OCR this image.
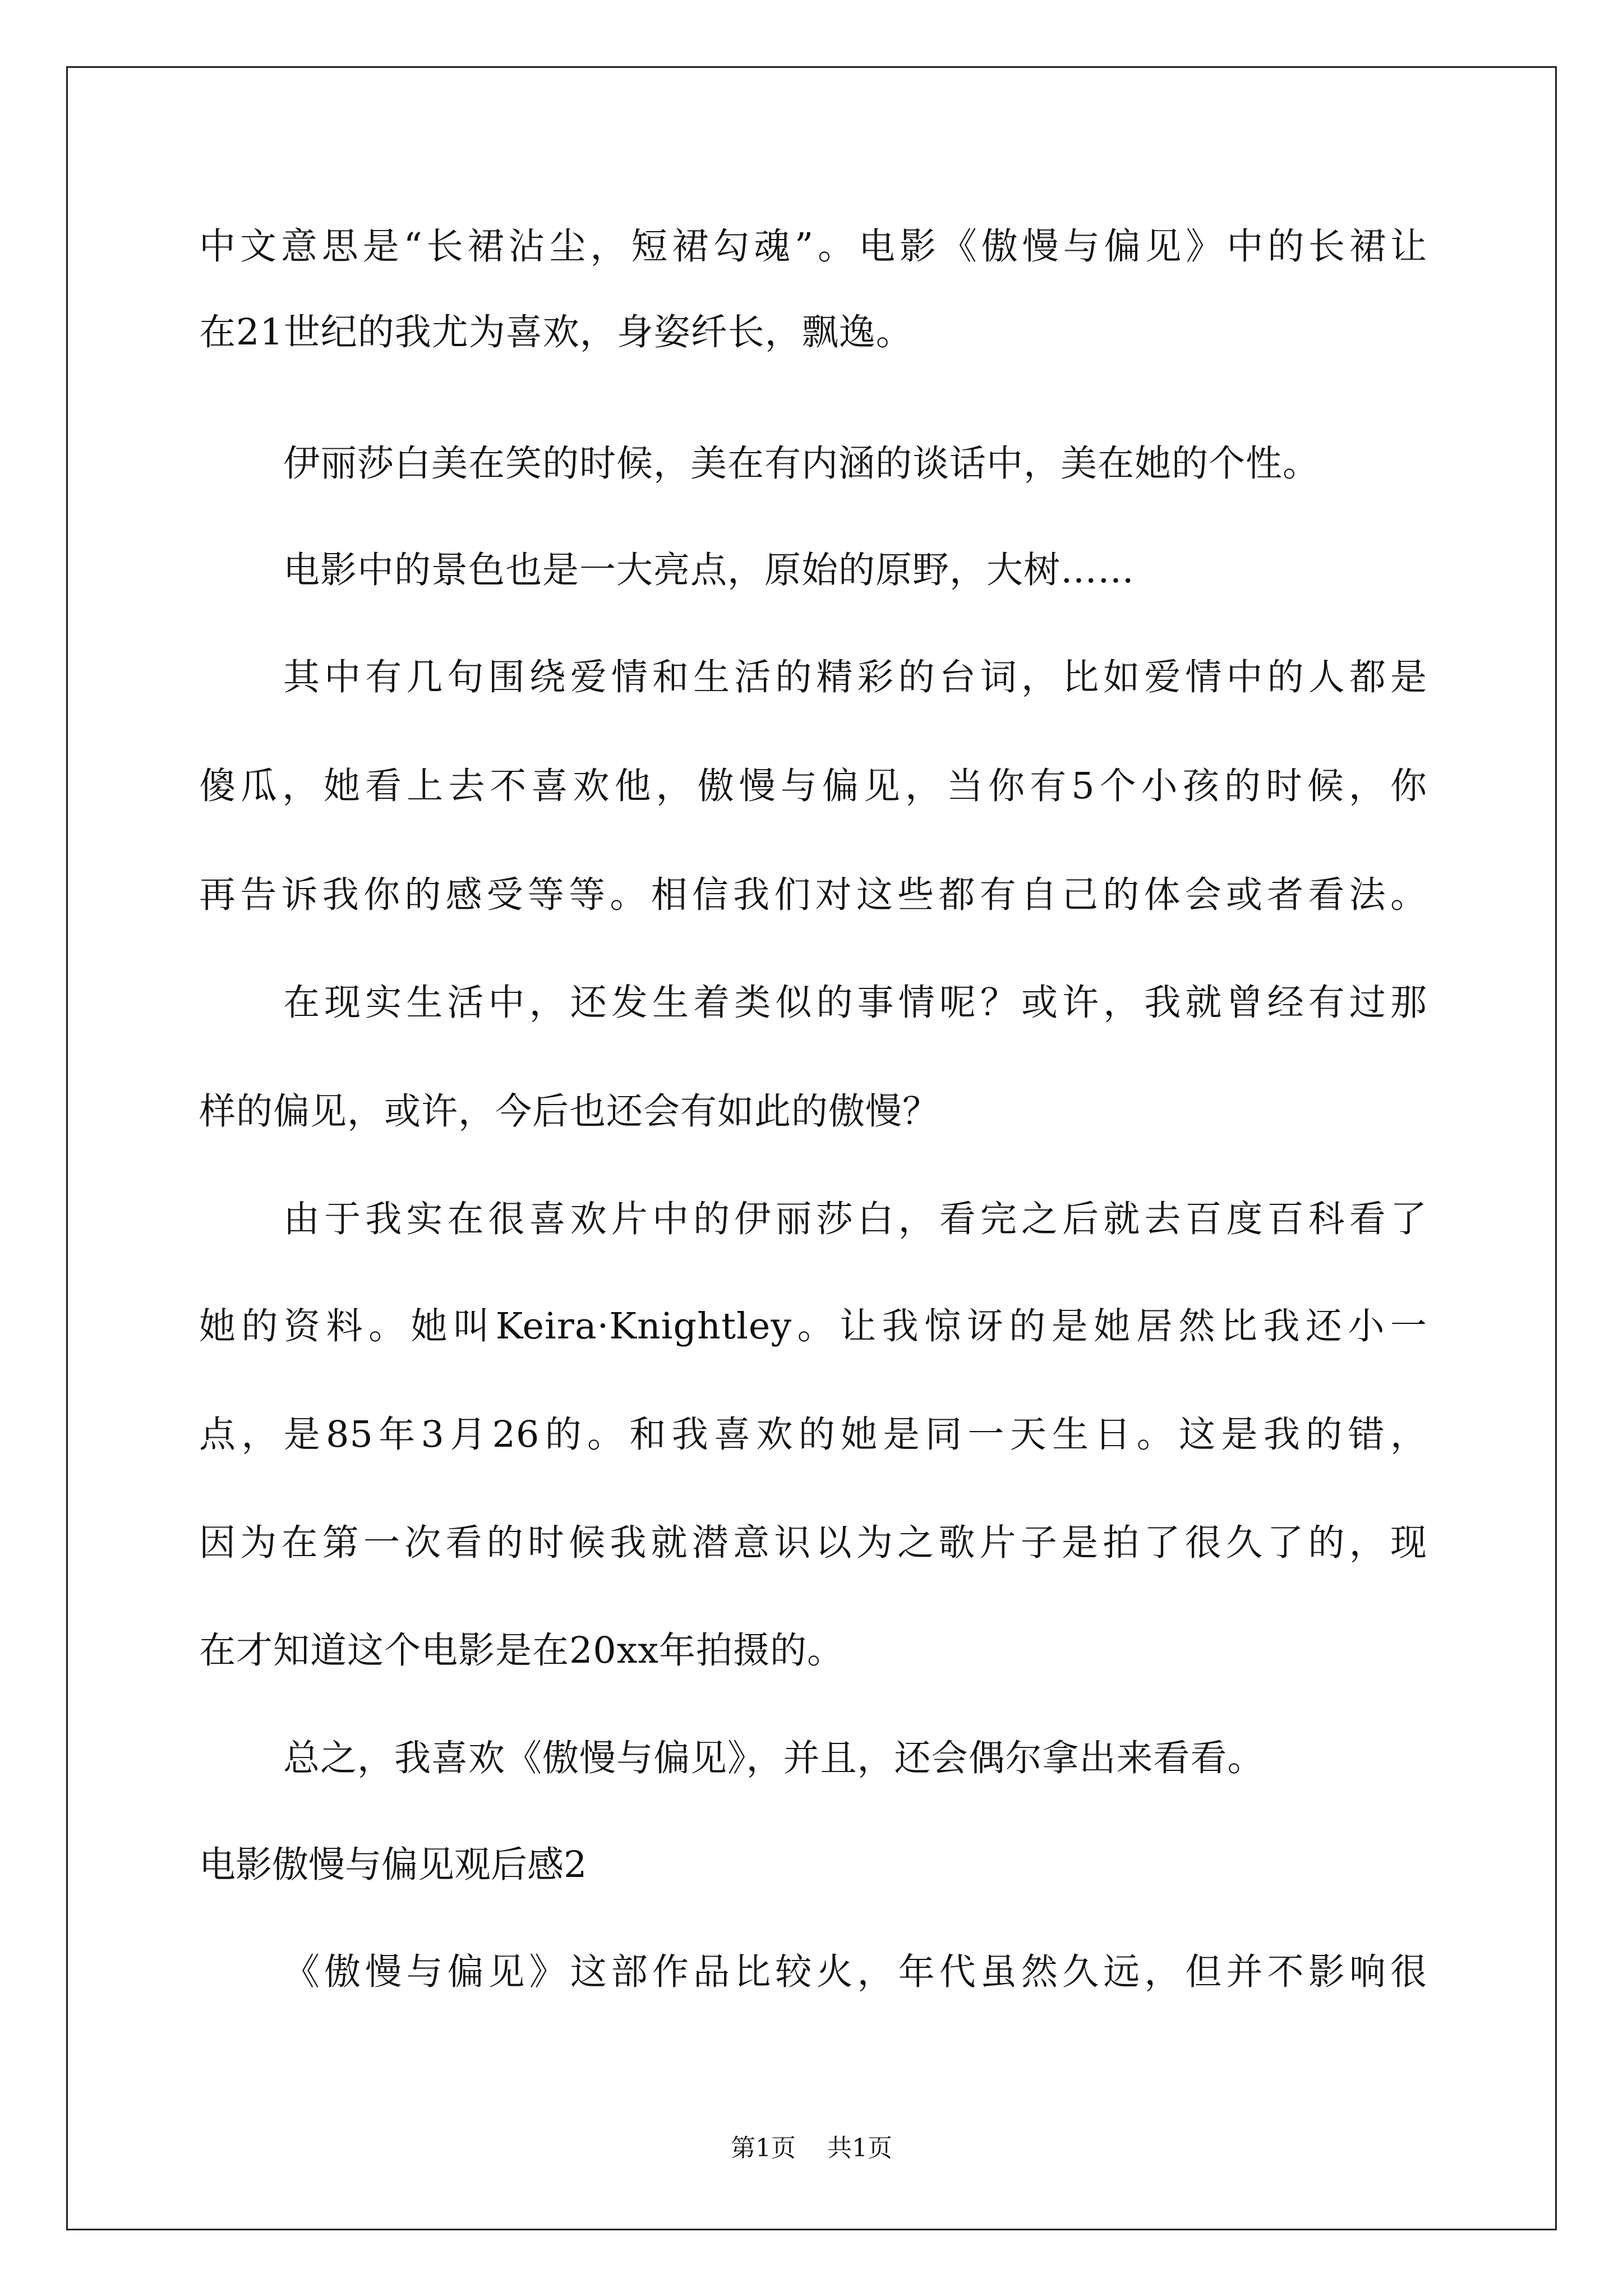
中文意思是“长裙沾尘，短裙勾魂”。电影《傲慢与偏见》中的长裙让
在21世纪的我尤为喜欢，身姿纤长，飘逸。
伊丽莎白美在笑的时候，美在有内涵的谈话中，美在她的个性。
电影中的景色也是一大亮点，原始的原野，大树……
其中有几句围绕爱情和生活的精彩的台词，比如爱情中的人都是
傻瓜，她看上去不喜欢他，傲慢与偏见，当你有5个小孩的时候，你
再告诉我你的感受等等。相信我们对这些都有自己的体会或者看法。
在现实生活中，还发生着类似的事情呢？或许，我就曾经有过那
样的偏见，或许，今后也还会有如此的傲慢？
由于我实在很喜欢片中的伊丽莎白，看完之后就去百度百科看了
她的资料。她叫Keira·Knightley。让我惊讶的是她居然比我还小一
点，是85年3月26的。和我喜欢的她是同一天生日。这是我的错，
因为在第一次看的时候我就潜意识以为之歌片子是拍了很久了的，现
在才知道这个电影是在20xx年拍摄的。
总之，我喜欢《傲慢与偏见》，并且，还会偶尔拿出来看看。
电影傲慢与偏见观后感2
《傲慢与偏见》这部作品比较火，年代虽然久远，但并不影响很
第1页 共1页
